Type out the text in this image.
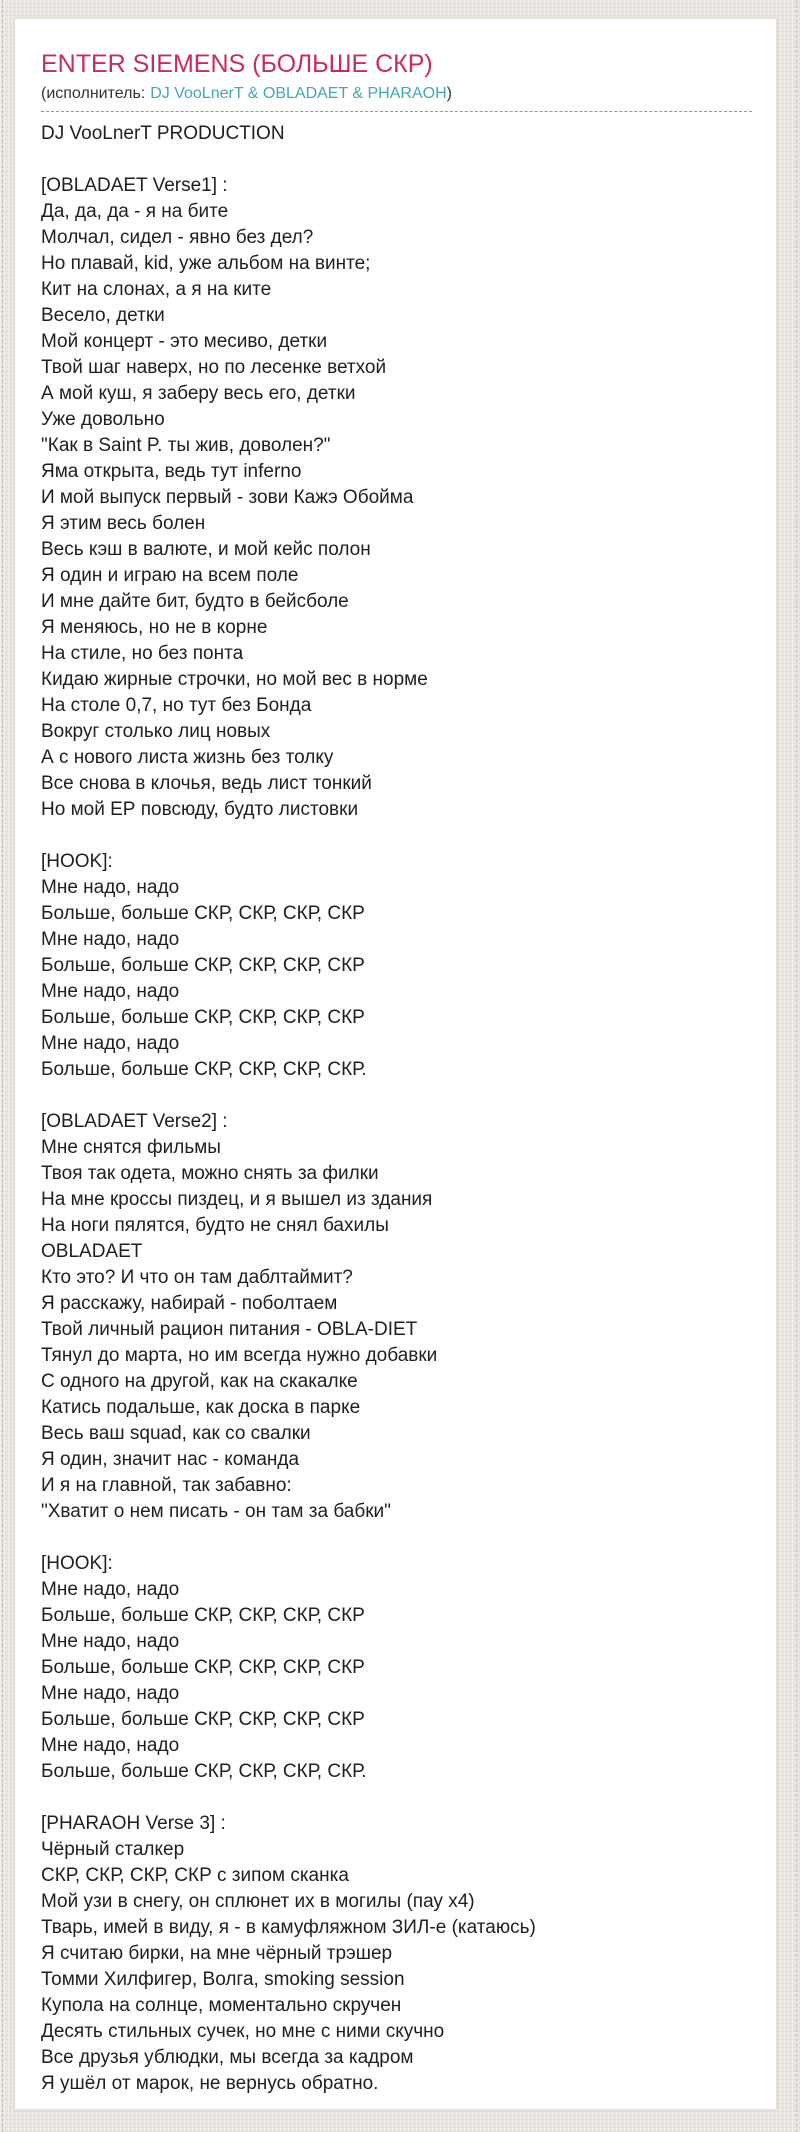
ENTER SIEMENS (БОЛЬШЕ СКР)
(исполнитель: DJ VooLnerT & OBLADAET & PHARAOH)
DJ VooLnerT PRODUCTION
[OBLADAET Verse1] :
Да, да, да - я на бите
Молчал, сидел - явно без дел?
Но плавай, kid, уже альбом на винте;
Кит на слонах, а я на ките
Весело, детки
Мой концерт - это месиво, детки
Твой шаг наверх, но по лесенке ветхой
А мой куш, я заберу весь его, детки
Уже довольно
"Как в Saint P. ты жив, доволен?"
Яма открыта, ведь тут inferno
И мой выпуск первый - зови Кажэ Обойма
Я этим весь болен
Весь кэш в валюте, и мой кейс полон
Я один и играю на всем поле
И мне дайте бит, будто в бейсболе
Я меняюсь, но не в корне
На стиле, но без понта
Кидаю жирные строчки, но мой вес в норме
На столе 0,7, но тут без Бонда
Вокруг столько лиц новых
А с нового листа жизнь без толку
Все снова в клочья, ведь лист тонкий
Но мой ЕР повсюду, будто листовки
[HOOK]:
Мне надо, надо
Больше, больше СКР, СКР, СКР, СКР
Мне надо, надо
Больше, больше СКР, СКР, СКР, СКР
Мне надо, надо
Больше, больше СКР, СКР, СКР, СКР
Мне надо, надо
Больше, больше СКР, СКР, СКР, СКР.
[OBLADAET Verse2] :
Мне снятся фильмы
Твоя так одета, можно снять за филки
На мне кроссы пиздец, и я вышел из здания
На ноги пялятся, будто не снял бахилы
OBLADAET
Кто это? И что он там даблтаймит?
Я расскажу, набирай - поболтаем
Твой личный рацион питания - OBLA-DIET
Тянул до марта, но им всегда нужно добавки
С одного на другой, как на скакалке
Катись подальше, как доска в парке
Весь ваш squad, как со свалки
Я один, значит нас - команда
И я на главной, так забавно:
"Хватит о нем писать - он там за бабки"
[HOOK]:
Мне надо, надо
Больше, больше СКР, СКР, СКР, СКР
Мне надо, надо
Больше, больше СКР, СКР, СКР, СКР
Мне надо, надо
Больше, больше СКР, СКР, СКР, СКР
Мне надо, надо
Больше, больше СКР, СКР, СКР, СКР.
[PHARAOH Verse 3] :
Чёрный сталкер
СКР, СКР, СКР, СКР с зипом сканка
Мой узи в снегу, он сплюнет их в могилы (пау x4)
Тварь, имей в виду, я - в камуфляжном ЗИЛ-е (катаюсь)
Я считаю бирки, на мне чёрный трэшер
Томми Хилфигер, Волга, smoking session
Купола на солнце, моментально скручен
Десять стильных сучек, но мне с ними скучно
Все друзья ублюдки, мы всегда за кадром
Я ушёл от марок, не вернусь обратно.
